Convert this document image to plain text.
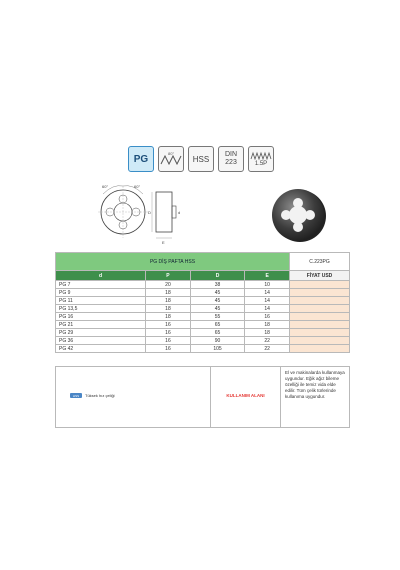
PG	80°
HSS DIN
223	1.5P
60°	60°
D	d
E
PG DİŞ PAFTA HSS				C.223PG
d	P	D	E	FİYAT USD
PG 7	20	38	10	
PG 9	18	45	14	
PG 11	18	45	14	
PG 13,5	18	45	14	
PG 16	18	55	16	
PG 21	16	65	18	
PG 29	16	65	18	
PG 36	16	90	22	
PG 42	16	105	22	
HSS	Tüksek hız çeliği	KULLANIM ALANI
El ve makinalarda kullanmaya uygundur. Eğik ağız bileme özelliği ile temiz vida elde edilir. Tüm çelik türlerinde kullanıma uygundur.
